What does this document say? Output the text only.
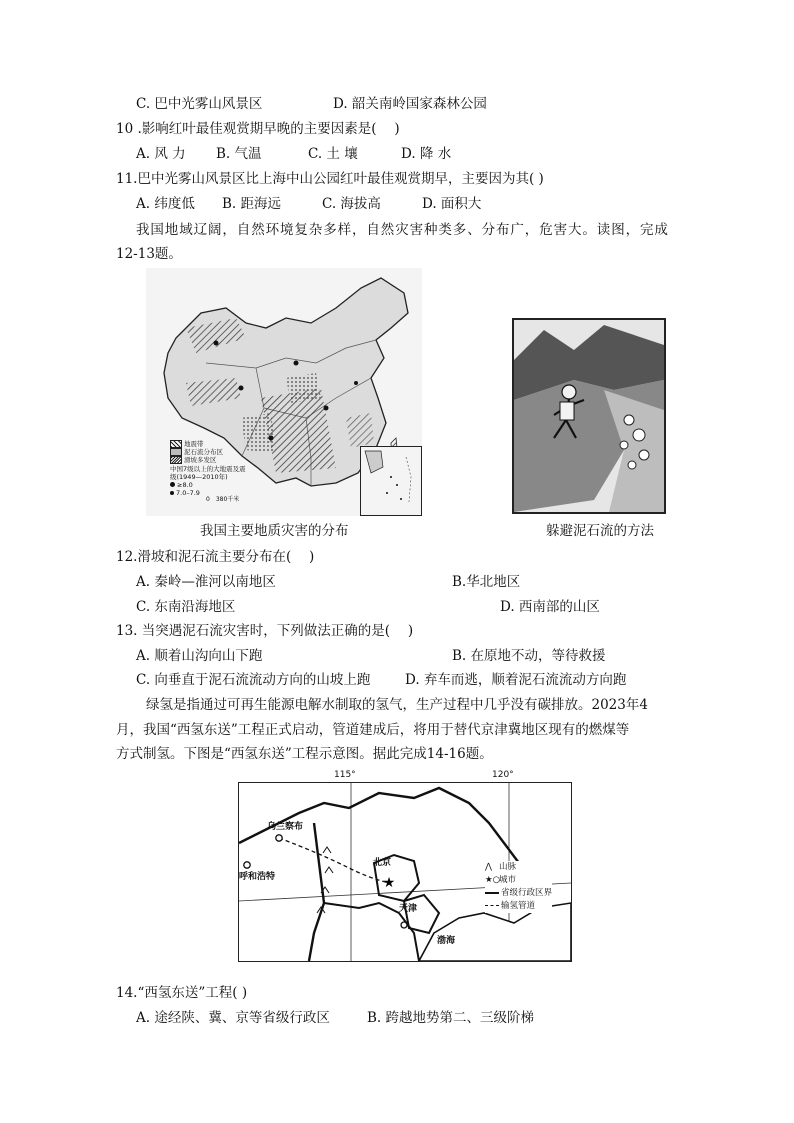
C. 巴中光雾山风景区	D. 韶关南岭国家森林公园
10 .影响红叶最佳观赏期早晚的主要因素是(　 )
A. 风 力 B. 气温	C. 土 壤	D. 降 水
11.巴中光雾山风景区比上海中山公园红叶最佳观赏期早，主要因为其( )
A. 纬度低 B. 距海远	C. 海拔高	D. 面积大
我国地域辽阔，自然环境复杂多样，自然灾害种类多、分布广，危害大。读图，完成
12-13题。
地震带
泥石流分布区
滑坡多发区
中国7级以上的大地震及震级(1949—2010年)
≥8.0
7.0–7.9
0　380千米
我国主要地质灾害的分布	躲避泥石流的方法
12.滑坡和泥石流主要分布在(　 )
A. 秦岭—淮河以南地区	B.华北地区
C. 东南沿海地区	D. 西南部的山区
13. 当突遇泥石流灾害时，下列做法正确的是(　 )
A. 顺着山沟向山下跑	B. 在原地不动，等待救援
C. 向垂直于泥石流流动方向的山坡上跑	D. 弃车而逃，顺着泥石流流动方向跑
绿氢是指通过可再生能源电解水制取的氢气，生产过程中几乎没有碳排放。2023年4
月，我国“西氢东送”工程正式启动，管道建成后，将用于替代京津冀地区现有的燃煤等
方式制氢。下图是“西氢东送”工程示意图。据此完成14-16题。
115°	120°
★
乌兰察布
呼和浩特
北京
天津
渤海
⋀ 山脉
★○城市
省级行政区界
输氢管道
14.“西氢东送”工程( )
A. 途经陕、冀、京等省级行政区	B. 跨越地势第二、三级阶梯
